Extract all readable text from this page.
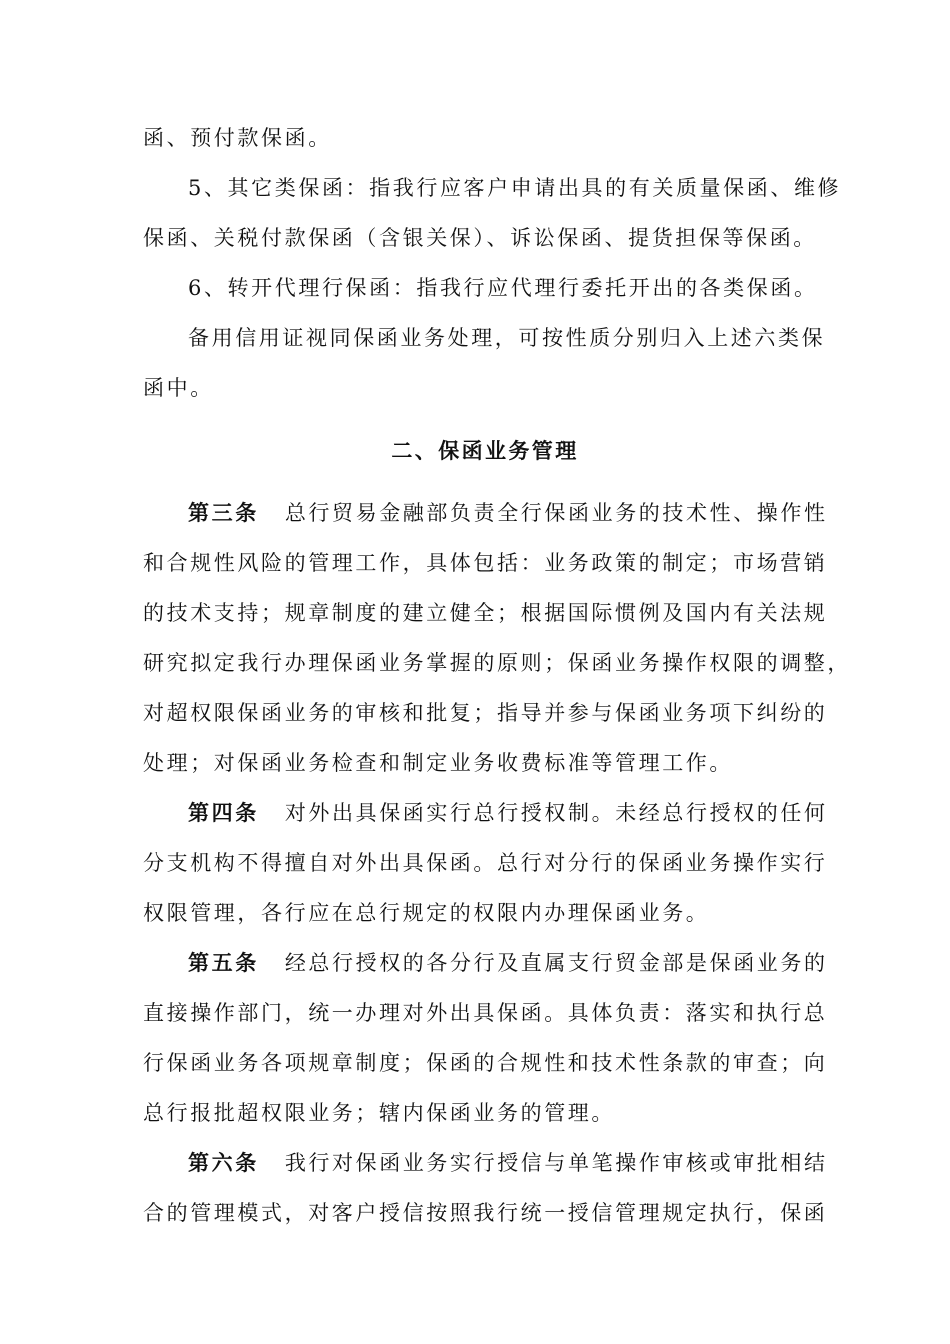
函、预付款保函。
5、其它类保函：指我行应客户申请出具的有关质量保函、维修
保函、关税付款保函（含银关保）、诉讼保函、提货担保等保函。
6、转开代理行保函：指我行应代理行委托开出的各类保函。
备用信用证视同保函业务处理，可按性质分别归入上述六类保
函中。
二、保函业务管理
第三条 总行贸易金融部负责全行保函业务的技术性、操作性
和合规性风险的管理工作，具体包括：业务政策的制定；市场营销
的技术支持；规章制度的建立健全；根据国际惯例及国内有关法规
研究拟定我行办理保函业务掌握的原则；保函业务操作权限的调整，
对超权限保函业务的审核和批复；指导并参与保函业务项下纠纷的
处理；对保函业务检查和制定业务收费标准等管理工作。
第四条 对外出具保函实行总行授权制。未经总行授权的任何
分支机构不得擅自对外出具保函。总行对分行的保函业务操作实行
权限管理，各行应在总行规定的权限内办理保函业务。
第五条 经总行授权的各分行及直属支行贸金部是保函业务的
直接操作部门，统一办理对外出具保函。具体负责：落实和执行总
行保函业务各项规章制度；保函的合规性和技术性条款的审查；向
总行报批超权限业务；辖内保函业务的管理。
第六条 我行对保函业务实行授信与单笔操作审核或审批相结
合的管理模式，对客户授信按照我行统一授信管理规定执行，保函
